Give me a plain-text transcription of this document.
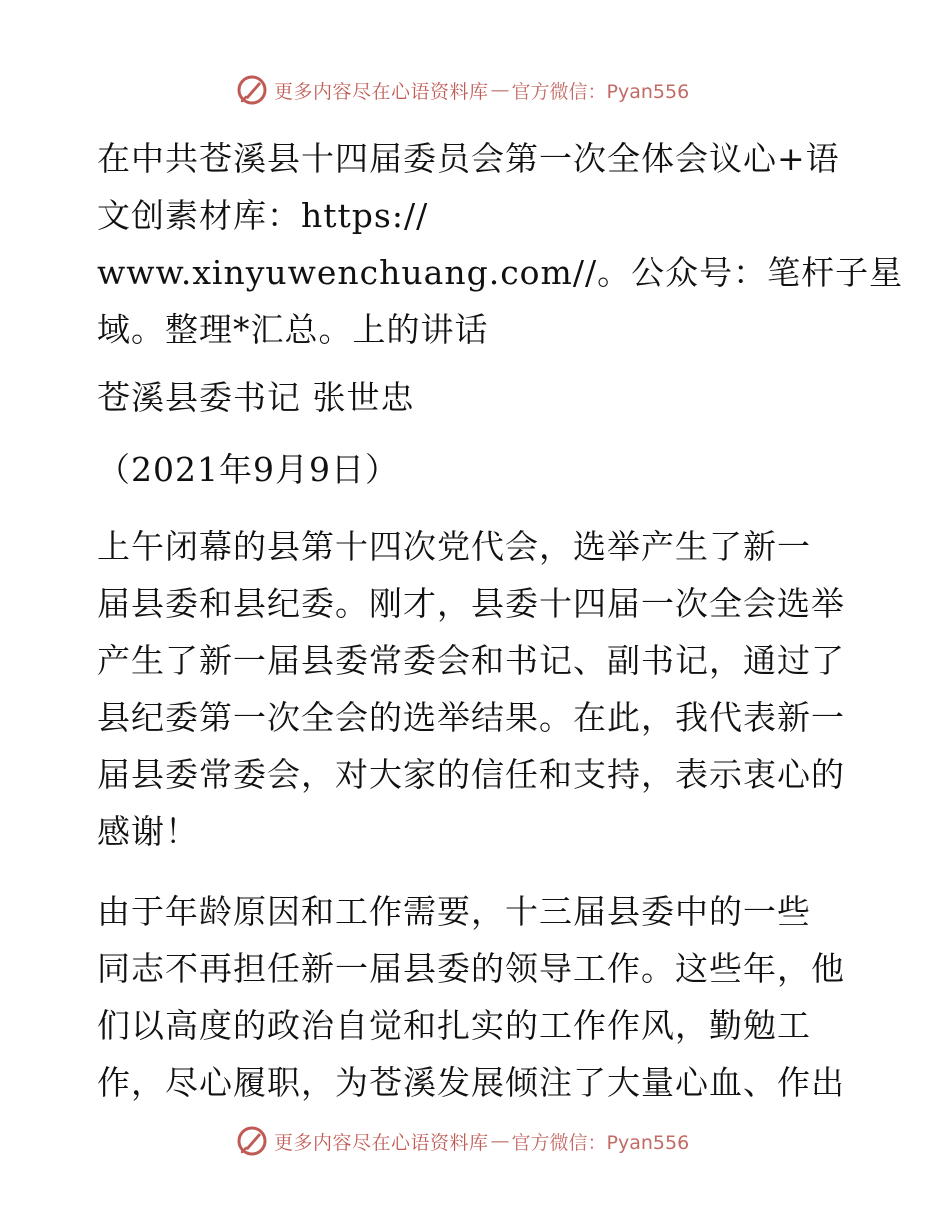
更多内容尽在心语资料库 — 官方微信：Pyan556
在中共苍溪县十四届委员会第一次全体会议心+语
文创素材库：https://
www.xinyuwenchuang.com//。公众号：笔杆子星
域。整理*汇总。上的讲话
苍溪县委书记 张世忠
（2021年9月9日）
上午闭幕的县第十四次党代会，选举产生了新一
届县委和县纪委。刚才，县委十四届一次全会选举
产生了新一届县委常委会和书记、副书记，通过了
县纪委第一次全会的选举结果。在此，我代表新一
届县委常委会，对大家的信任和支持，表示衷心的
感谢！
由于年龄原因和工作需要，十三届县委中的一些
同志不再担任新一届县委的领导工作。这些年，他
们以高度的政治自觉和扎实的工作作风，勤勉工
作，尽心履职，为苍溪发展倾注了大量心血、作出
更多内容尽在心语资料库 — 官方微信：Pyan556
